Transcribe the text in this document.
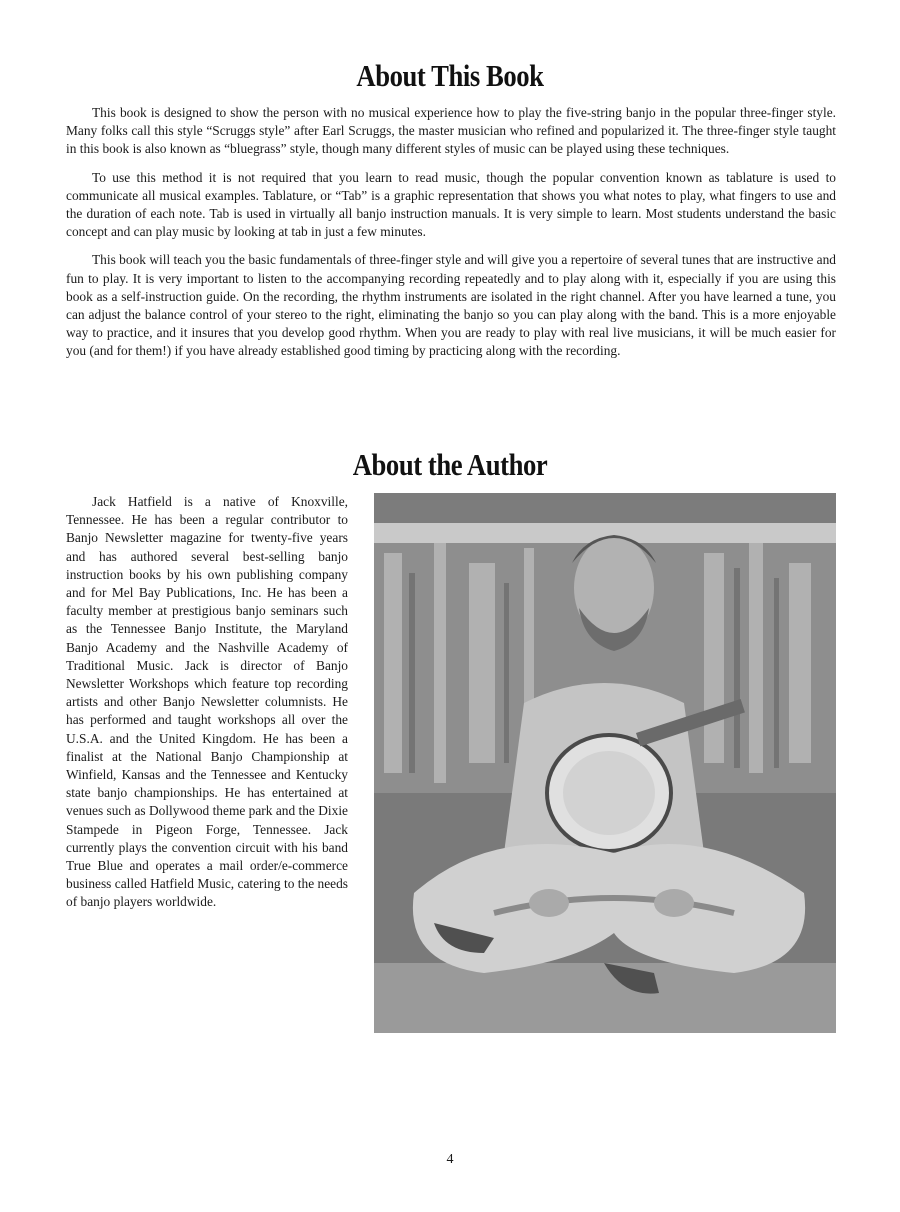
About This Book

This book is designed to show the person with no musical experience how to play the five-string banjo in the popular three-finger style. Many folks call this style “Scruggs style” after Earl Scruggs, the master musician who refined and popularized it. The three-finger style taught in this book is also known as “bluegrass” style, though many different styles of music can be played using these techniques.

To use this method it is not required that you learn to read music, though the popular convention known as tablature is used to communicate all musical examples. Tablature, or “Tab” is a graphic representation that shows you what notes to play, what fingers to use and the duration of each note. Tab is used in virtually all banjo instruction manuals. It is very simple to learn. Most students understand the basic concept and can play music by looking at tab in just a few minutes.

This book will teach you the basic fundamentals of three-finger style and will give you a repertoire of several tunes that are instructive and fun to play. It is very important to listen to the accompanying recording repeatedly and to play along with it, especially if you are using this book as a self-instruction guide. On the recording, the rhythm instruments are isolated in the right channel. After you have learned a tune, you can adjust the balance control of your stereo to the right, eliminating the banjo so you can play along with the band. This is a more enjoyable way to practice, and it insures that you develop good rhythm. When you are ready to play with real live musicians, it will be much easier for you (and for them!) if you have already established good timing by practicing along with the recording.

About the Author

Jack Hatfield is a native of Knoxville, Tennessee. He has been a regular contributor to Banjo Newsletter magazine for twenty-five years and has authored several best-selling banjo instruction books by his own publishing company and for Mel Bay Publications, Inc. He has been a faculty member at prestigious banjo seminars such as the Tennessee Banjo Institute, the Maryland Banjo Academy and the Nashville Academy of Traditional Music. Jack is director of Banjo Newsletter Workshops which feature top recording artists and other Banjo Newsletter columnists. He has performed and taught workshops all over the U.S.A. and the United Kingdom. He has been a finalist at the National Banjo Championship at Winfield, Kansas and the Tennessee and Kentucky state banjo championships. He has entertained at venues such as Dollywood theme park and the Dixie Stampede in Pigeon Forge, Tennessee. Jack currently plays the convention circuit with his band True Blue and operates a mail order/e-commerce business called Hatfield Music, catering to the needs of banjo players worldwide.

4
